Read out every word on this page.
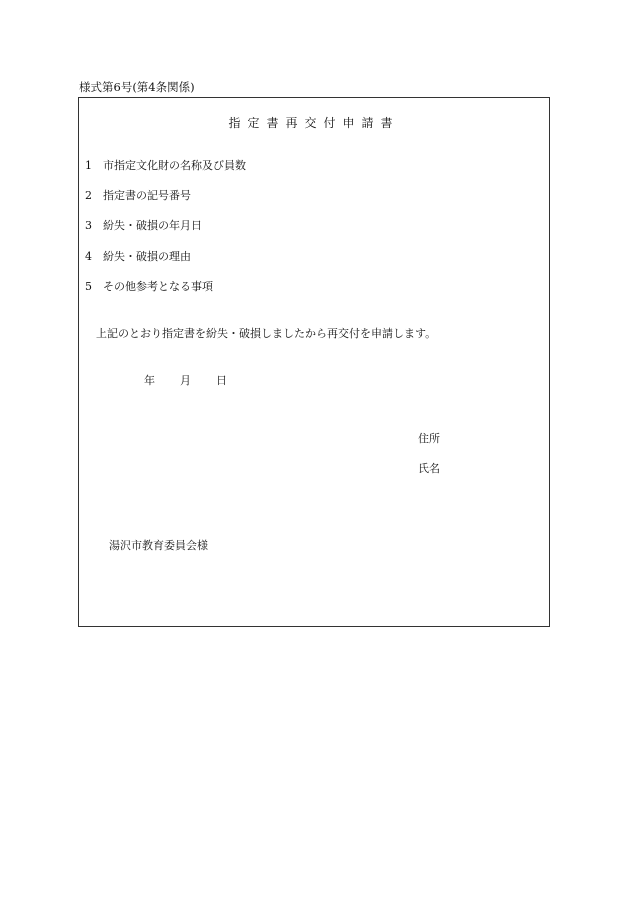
様式第6号(第4条関係)
指定書再交付申請書
1 市指定文化財の名称及び員数
2 指定書の記号番号
3 紛失・破損の年月日
4 紛失・破損の理由
5 その他参考となる事項
上記のとおり指定書を紛失・破損しましたから再交付を申請します。
年 月 日
住所
氏名
湯沢市教育委員会様
